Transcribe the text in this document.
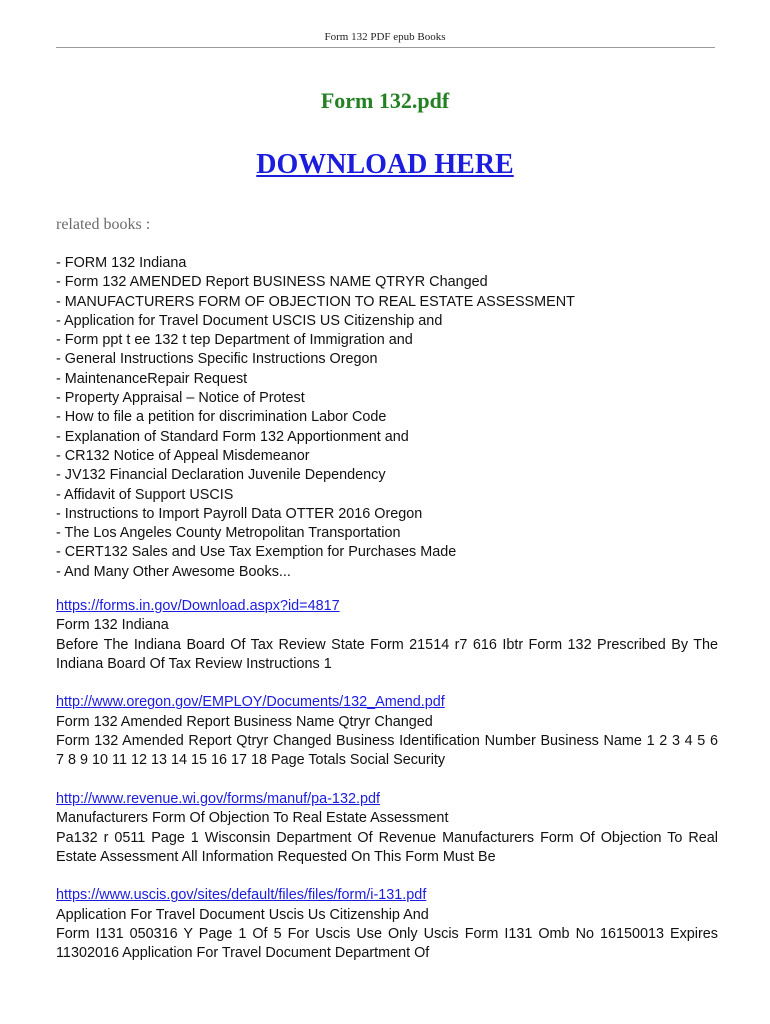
Form 132 PDF epub Books
Form 132.pdf
DOWNLOAD HERE
related books :
- FORM 132 Indiana
- Form 132 AMENDED Report BUSINESS NAME QTRYR Changed
- MANUFACTURERS FORM OF OBJECTION TO REAL ESTATE ASSESSMENT
- Application for Travel Document USCIS US Citizenship and
- Form ppt t ee 132 t tep Department of Immigration and
- General Instructions Specific Instructions Oregon
- MaintenanceRepair Request
- Property Appraisal – Notice of Protest
- How to file a petition for discrimination Labor Code
- Explanation of Standard Form 132 Apportionment and
- CR132 Notice of Appeal Misdemeanor
- JV132 Financial Declaration Juvenile Dependency
- Affidavit of Support USCIS
- Instructions to Import Payroll Data OTTER 2016 Oregon
- The Los Angeles County Metropolitan Transportation
- CERT132 Sales and Use Tax Exemption for Purchases Made
- And Many Other Awesome Books...
https://forms.in.gov/Download.aspx?id=4817
Form 132 Indiana
Before The Indiana Board Of Tax Review State Form 21514 r7 616 Ibtr Form 132 Prescribed By The Indiana Board Of Tax Review Instructions 1
http://www.oregon.gov/EMPLOY/Documents/132_Amend.pdf
Form 132 Amended Report Business Name Qtryr Changed
Form 132 Amended Report Qtryr Changed Business Identification Number Business Name 1 2 3 4 5 6 7 8 9 10 11 12 13 14 15 16 17 18 Page Totals Social Security
http://www.revenue.wi.gov/forms/manuf/pa-132.pdf
Manufacturers Form Of Objection To Real Estate Assessment
Pa132 r 0511 Page 1 Wisconsin Department Of Revenue Manufacturers Form Of Objection To Real Estate Assessment All Information Requested On This Form Must Be
https://www.uscis.gov/sites/default/files/files/form/i-131.pdf
Application For Travel Document Uscis Us Citizenship And
Form I131 050316 Y Page 1 Of 5 For Uscis Use Only Uscis Form I131 Omb No 16150013 Expires 11302016 Application For Travel Document Department Of
